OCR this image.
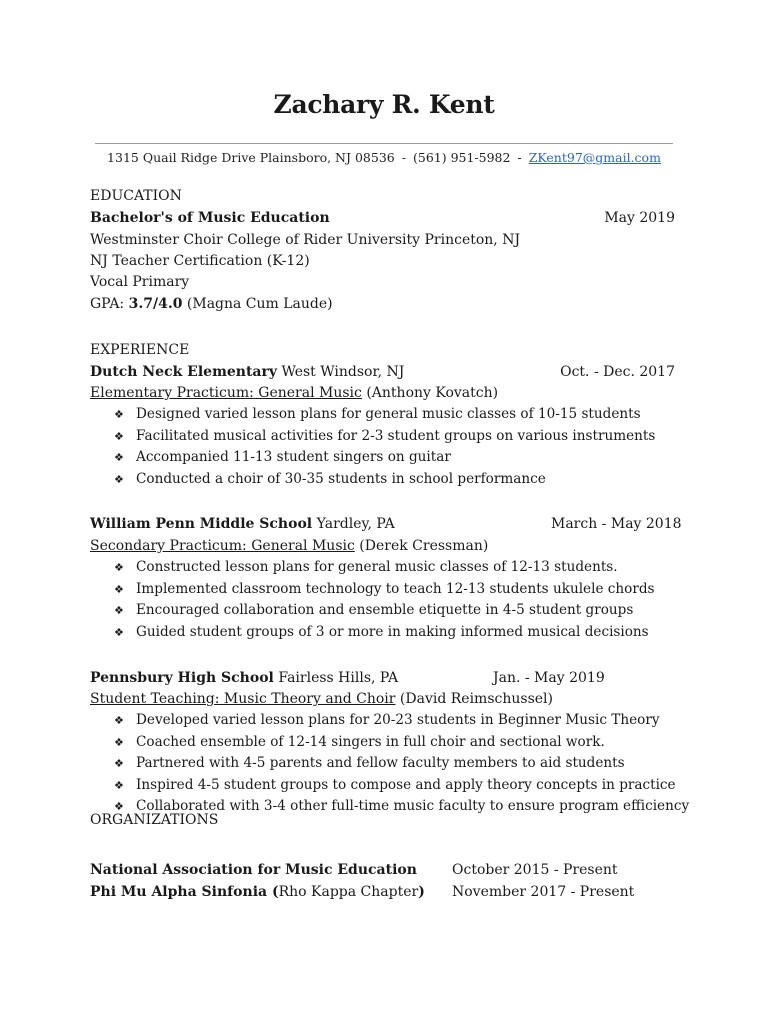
Zachary R. Kent
1315 Quail Ridge Drive Plainsboro, NJ 08536 - (561) 951-5982 - ZKent97@gmail.com
EDUCATION
Bachelor's of Music Education	May 2019
Westminster Choir College of Rider University Princeton, NJ
NJ Teacher Certification (K-12)
Vocal Primary
GPA: 3.7/4.0 (Magna Cum Laude)
EXPERIENCE
Dutch Neck Elementary West Windsor, NJ	Oct. - Dec. 2017
Elementary Practicum: General Music (Anthony Kovatch)
❖ Designed varied lesson plans for general music classes of 10-15 students
❖ Facilitated musical activities for 2-3 student groups on various instruments
❖ Accompanied 11-13 student singers on guitar
❖ Conducted a choir of 30-35 students in school performance
William Penn Middle School Yardley, PA	March - May 2018
Secondary Practicum: General Music (Derek Cressman)
❖ Constructed lesson plans for general music classes of 12-13 students.
❖ Implemented classroom technology to teach 12-13 students ukulele chords
❖ Encouraged collaboration and ensemble etiquette in 4-5 student groups
❖ Guided student groups of 3 or more in making informed musical decisions
Pennsbury High School Fairless Hills, PA	Jan. - May 2019
Student Teaching: Music Theory and Choir (David Reimschussel)
❖ Developed varied lesson plans for 20-23 students in Beginner Music Theory
❖ Coached ensemble of 12-14 singers in full choir and sectional work.
❖ Partnered with 4-5 parents and fellow faculty members to aid students
❖ Inspired 4-5 student groups to compose and apply theory concepts in practice
❖ Collaborated with 3-4 other full-time music faculty to ensure program efficiency
ORGANIZATIONS
National Association for Music Education	October 2015 - Present
Phi Mu Alpha Sinfonia (Rho Kappa Chapter) November 2017 - Present
